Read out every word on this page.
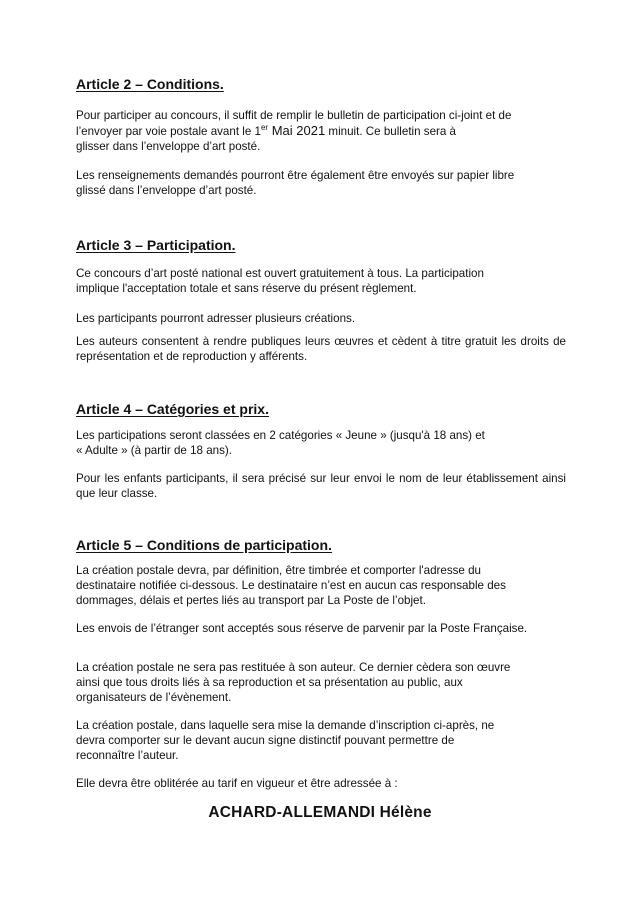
Article 2 – Conditions.

Pour participer au concours, il suffit de remplir le bulletin de participation ci-joint et de
l’envoyer par voie postale avant le 1er Mai 2021 minuit. Ce bulletin sera à
glisser dans l’enveloppe d’art posté.

Les renseignements demandés pourront être également être envoyés sur papier libre
glissé dans l’enveloppe d’art posté.

Article 3 – Participation.

Ce concours d’art posté national est ouvert gratuitement à tous. La participation
implique l'acceptation totale et sans réserve du présent règlement.

Les participants pourront adresser plusieurs créations.

Les auteurs consentent à rendre publiques leurs œuvres et cèdent à titre gratuit les droits de représentation et de reproduction y afférents.

Article 4 – Catégories et prix.

Les participations seront classées en 2 catégories « Jeune » (jusqu'à 18 ans) et
« Adulte » (à partir de 18 ans).

Pour les enfants participants, il sera précisé sur leur envoi le nom de leur établissement ainsi que leur classe.

Article 5 – Conditions de participation.

La création postale devra, par définition, être timbrée et comporter l'adresse du
destinataire notifiée ci-dessous. Le destinataire n’est en aucun cas responsable des
dommages, délais et pertes liés au transport par La Poste de l’objet.

Les envois de l’étranger sont acceptés sous réserve de parvenir par la Poste Française.

La création postale ne sera pas restituée à son auteur. Ce dernier cèdera son œuvre
ainsi que tous droits liés à sa reproduction et sa présentation au public, aux
organisateurs de l’évènement.

La création postale, dans laquelle sera mise la demande d’inscription ci-après, ne
devra comporter sur le devant aucun signe distinctif pouvant permettre de
reconnaître l’auteur.

Elle devra être oblitérée au tarif en vigueur et être adressée à :

ACHARD-ALLEMANDI Hélène
